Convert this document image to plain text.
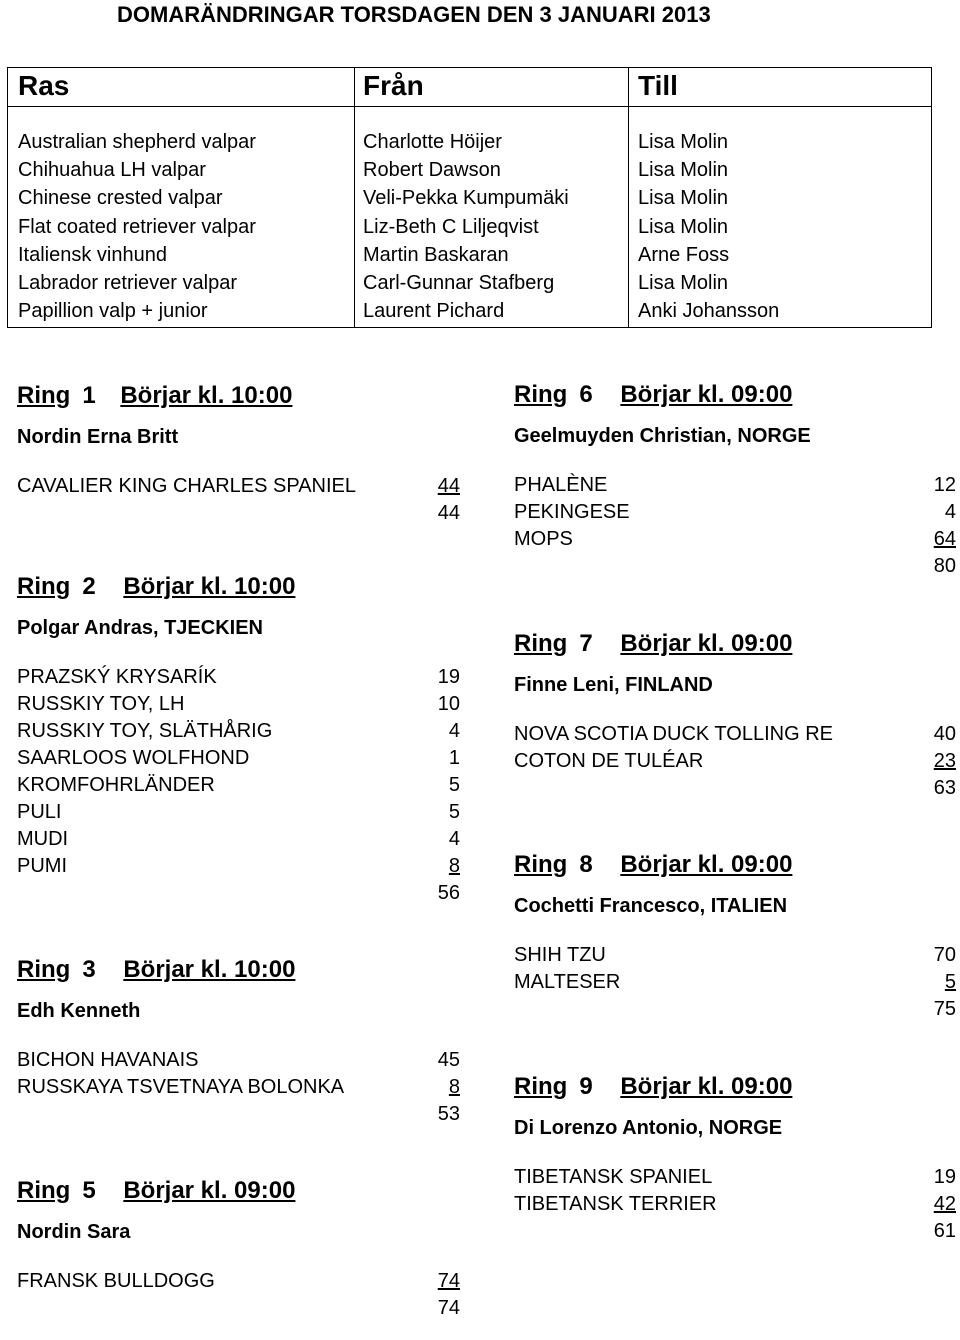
DOMARÄNDRINGAR TORSDAGEN DEN 3 JANUARI 2013
Ras	Från	Till
Australian shepherd valpar	Charlotte Höijer	Lisa Molin
Chihuahua LH valpar	Robert Dawson	Lisa Molin
Chinese crested valpar	Veli-Pekka Kumpumäki	Lisa Molin
Flat coated retriever valpar	Liz-Beth C Liljeqvist	Lisa Molin
Italiensk vinhund	Martin Baskaran	Arne Foss
Labrador retriever valpar	Carl-Gunnar Stafberg	Lisa Molin
Papillion valp + junior	Laurent Pichard	Anki Johansson
Ring 1 Börjar kl. 10:00
Nordin Erna Britt
CAVALIER KING CHARLES SPANIEL	44
44
Ring 2 Börjar kl. 10:00
Polgar Andras, TJECKIEN
PRAZSKÝ KRYSARÍK	19
RUSSKIY TOY, LH	10
RUSSKIY TOY, SLÄTHÅRIG	4
SAARLOOS WOLFHOND	1
KROMFOHRLÄNDER	5
PULI	5
MUDI	4
PUMI	8
56
Ring 3 Börjar kl. 10:00
Edh Kenneth
BICHON HAVANAIS	45
RUSSKAYA TSVETNAYA BOLONKA	8
53
Ring 5 Börjar kl. 09:00
Nordin Sara
FRANSK BULLDOGG	74
74
Ring 6 Börjar kl. 09:00
Geelmuyden Christian, NORGE
PHALÈNE	12
PEKINGESE	4
MOPS	64
80
Ring 7 Börjar kl. 09:00
Finne Leni, FINLAND
NOVA SCOTIA DUCK TOLLING RE	40
COTON DE TULÉAR	23
63
Ring 8 Börjar kl. 09:00
Cochetti Francesco, ITALIEN
SHIH TZU	70
MALTESER	5
75
Ring 9 Börjar kl. 09:00
Di Lorenzo Antonio, NORGE
TIBETANSK SPANIEL	19
TIBETANSK TERRIER	42
61
